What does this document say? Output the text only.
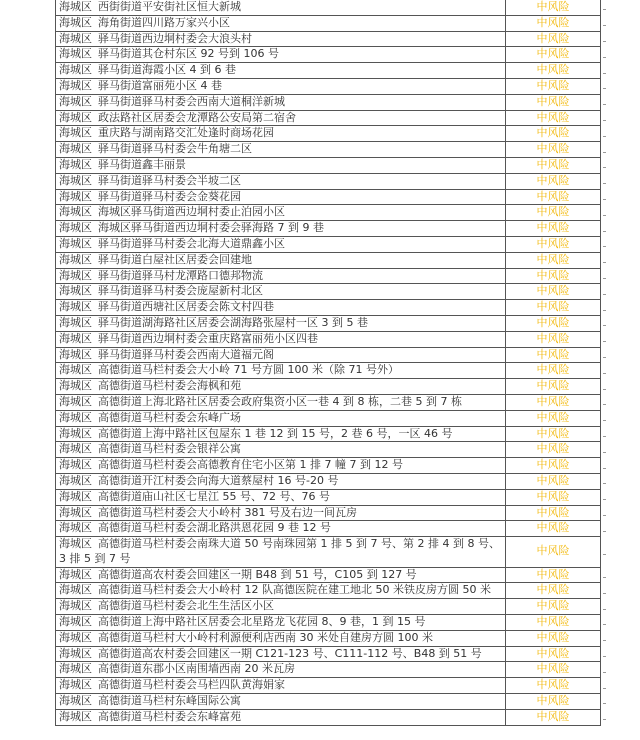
海城区 西街街道平安街社区恒大新城	中风险
海城区 海角街道四川路万家兴小区	中风险
海城区 驿马街道西边垌村委会大浪头村	中风险
海城区 驿马街道其仓村东区 92 号到 106 号	中风险
海城区 驿马街道海霞小区 4 到 6 巷	中风险
海城区 驿马街道富丽苑小区 4 巷	中风险
海城区 驿马街道驿马村委会西南大道桐洋新城	中风险
海城区 政法路社区居委会龙潭路公安局第二宿舍	中风险
海城区 重庆路与湖南路交汇处逢时商场花园	中风险
海城区 驿马街道驿马村委会牛角塘二区	中风险
海城区 驿马街道鑫丰丽景	中风险
海城区 驿马街道驿马村委会半坡二区	中风险
海城区 驿马街道驿马村委会金葵花园	中风险
海城区 海城区驿马街道西边垌村委止泊园小区	中风险
海城区 海城区驿马街道西边垌村委会驿海路 7 到 9 巷	中风险
海城区 驿马街道驿马村委会北海大道鼎鑫小区	中风险
海城区 驿马街道白屋社区居委会回建地	中风险
海城区 驿马街道驿马村龙潭路口德邦物流	中风险
海城区 驿马街道驿马村委会庞屋新村北区	中风险
海城区 驿马街道西塘社区居委会陈文村四巷	中风险
海城区 驿马街道湖海路社区居委会湖海路张屋村一区 3 到 5 巷	中风险
海城区 驿马街道西边垌村委会重庆路富丽苑小区四巷	中风险
海城区 驿马街道驿马村委会西南大道福元阁	中风险
海城区 高德街道马栏村委会大小岭 71 号方圆 100 米（除 71 号外）	中风险
海城区 高德街道马栏村委会海枫和苑	中风险
海城区 高德街道上海北路社区居委会政府集资小区一巷 4 到 8 栋，二巷 5 到 7 栋	中风险
海城区 高德街道马栏村委会东峰广场	中风险
海城区 高德街道上海中路社区包屋东 1 巷 12 到 15 号，2 巷 6 号，一区 46 号	中风险
海城区 高德街道马栏村委会银祥公寓	中风险
海城区 高德街道马栏村委会高德教育住宅小区第 1 排 7 幢 7 到 12 号	中风险
海城区 高德街道开江村委会向海大道蔡屋村 16 号-20 号	中风险
海城区 高德街道庙山社区七星江 55 号、72 号、76 号	中风险
海城区 高德街道马栏村委会大小岭村 381 号及右边一间瓦房	中风险
海城区 高德街道马栏村委会湖北路洪恩花园 9 巷 12 号	中风险
海城区 高德街道马栏村委会南珠大道 50 号南珠园第 1 排 5 到 7 号、第 2 排 4 到 8 号、3 排 5 到 7 号	中风险
海城区 高德街道高农村委会回建区一期 B48 到 51 号，C105 到 127 号	中风险
海城区 高德街道马栏村委会大小岭村 12 队高德医院在建工地北 50 米铁皮房方圆 50 米	中风险
海城区 高德街道马栏村委会北生生活区小区	中风险
海城区 高德街道上海中路社区居委会北星路龙飞花园 8、9 巷，1 到 15 号	中风险
海城区 高德街道马栏村大小岭村利源便利店西南 30 米处自建房方圆 100 米	中风险
海城区 高德街道高农村委会回建区一期 C121-123 号、C111-112 号、B48 到 51 号	中风险
海城区 高德街道东郡小区南围墙西南 20 米瓦房	中风险
海城区 高德街道马栏村委会马栏四队黄海娟家	中风险
海城区 高德街道马栏村东峰国际公寓	中风险
海城区 高德街道马栏村委会东峰富苑	中风险
